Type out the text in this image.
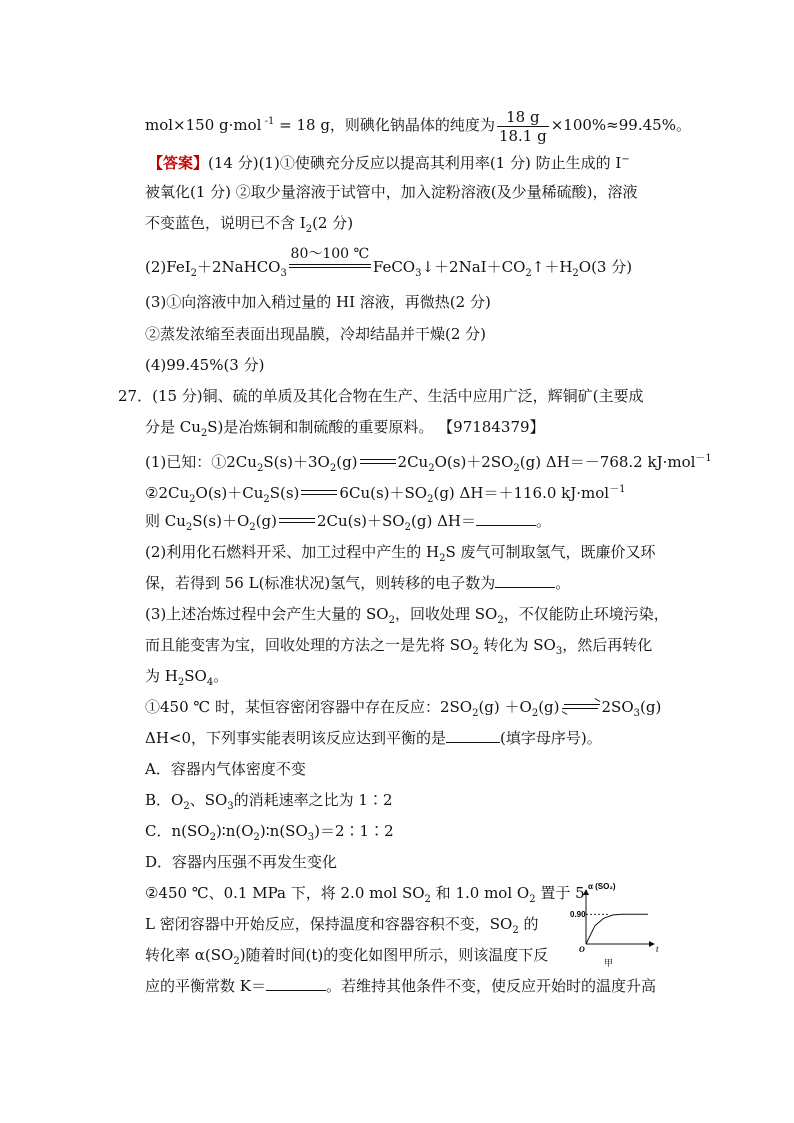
mol×150 g·mol $^{-1}$ = 18 g，则碘化钠晶体的纯度为 $\frac{18 g}{18.1 g} \times 100\%\approx 99.45\%$。
【答案】(14 分)(1)①使碘充分反应以提高其利用率(1 分) 防止生成的 I−
被氧化(1 分) ②取少量溶液于试管中，加入淀粉溶液(及少量稀硫酸)，溶液
不变蓝色，说明已不含 $I_2(2$ 分)
(2)FeI$_2$＋2NaHCO$_3$
80～100 ℃
$FeCO_3↓+2NaI+CO_2↑+H_2O(3$ 分)
(3)①向溶液中加入稍过量的 HI 溶液，再微热(2 分)
②蒸发浓缩至表面出现晶膜，冷却结晶并干燥(2 分)
(4)99.45%(3 分)
27．(15 分)铜、硫的单质及其化合物在生产、生活中应用广泛，辉铜矿(主要成
分是 $Cu_2S$)是冶炼铜和制硫酸的重要原料。 【97184379】
(1)已知：$①2Cu_2S(s)+3O_2(g)$	$2Cu_2O(s)+2SO_2(g)$ ΔH＝－768.2 kJ·mol$^{-1}$
$②2Cu_2O(s)+Cu_2S(s)$	$6Cu(s)+SO_2(g)$ ΔH＝＋116.0 kJ·mol$^{-1}$
则 $Cu_2S(s)+O_2(g)$	$2Cu(s)+SO_2(g)$ ΔH＝	。
(2)利用化石燃料开采、加工过程中产生的 $H_2S$ 废气可制取氢气，既廉价又环
保，若得到 56 L(标准状况)氢气，则转移的电子数为	。
(3)上述冶炼过程中会产生大量的 $SO_2$，回收处理 $SO_2$，不仅能防止环境污染，
而且能变害为宝，回收处理的方法之一是先将 $SO_2$ 转化为 $SO_3$，然后再转化
为 $H_2SO_4$。
①450 ℃ 时，某恒容密闭容器中存在反应：$2SO_2(g) +O_2(g)$ ⇌ $2SO_3(g)$
ΔH<0，下列事实能表明该反应达到平衡的是	(填字母序号)。
A．容器内气体密度不变
B．$O_2$、$SO_3$的消耗速率之比为 1∶2
C．$n(SO_2)∶n(O_2)∶n(SO_3)=2∶1∶2$
D．容器内压强不再发生变化
②450 ℃、0.1 MPa 下，将 2.0 mol $SO_2$ 和 1.0 mol $O_2$ 置于 5
L 密闭容器中开始反应，保持温度和容器容积不变，$SO_2$ 的
转化率 $\alpha(SO_2)$随着时间(t)的变化如图甲所示，则该温度下反
应的平衡常数 K＝	。若维持其他条件不变，使反应开始时的温度升高
α (SO₂)
0.90
O	t
甲
